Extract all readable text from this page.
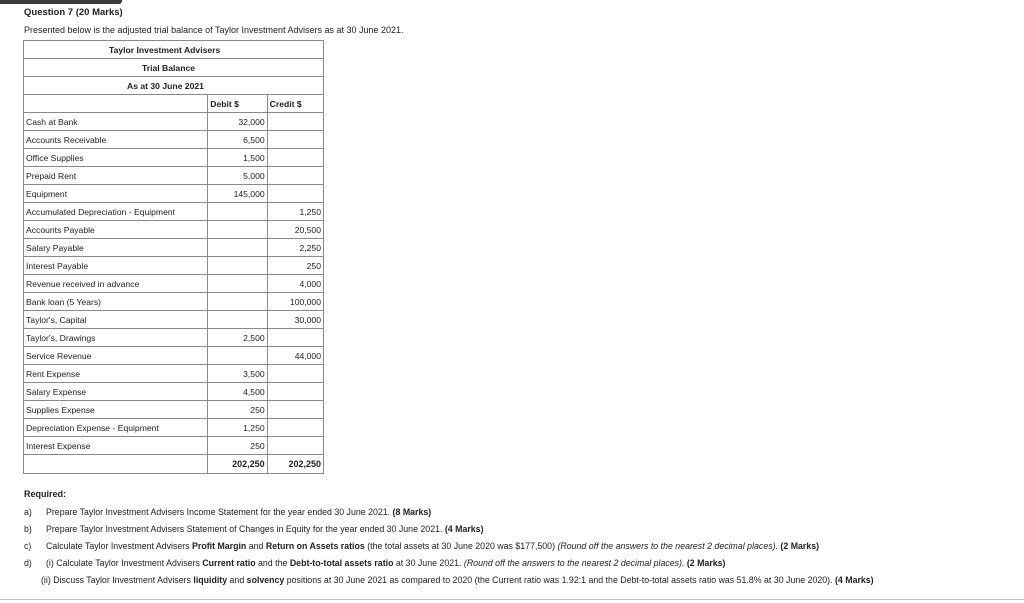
Question 7 (20 Marks)
Presented below is the adjusted trial balance of Taylor Investment Advisers as at 30 June 2021.
Taylor Investment Advisers		
Trial Balance		
As at 30 June 2021		
	Debit $	Credit $
Cash at Bank	32,000	
Accounts Receivable	6,500	
Office Supplies	1,500	
Prepaid Rent	5,000	
Equipment	145,000	
Accumulated Depreciation - Equipment		1,250
Accounts Payable		20,500
Salary Payable		2,250
Interest Payable		250
Revenue received in advance		4,000
Bank loan (5 Years)		100,000
Taylor's, Capital		30,000
Taylor's, Drawings	2,500	
Service Revenue		44,000
Rent Expense	3,500	
Salary Expense	4,500	
Supplies Expense	250	
Depreciation Expense - Equipment	1,250	
Interest Expense	250	
	202,250	202,250
Required:
a) Prepare Taylor Investment Advisers Income Statement for the year ended 30 June 2021. (8 Marks)
b) Prepare Taylor Investment Advisers Statement of Changes in Equity for the year ended 30 June 2021. (4 Marks)
c) Calculate Taylor Investment Advisers Profit Margin and Return on Assets ratios (the total assets at 30 June 2020 was $177,500) (Round off the answers to the nearest 2 decimal places). (2 Marks)
d) (i) Calculate Taylor Investment Advisers Current ratio and the Debt-to-total assets ratio at 30 June 2021. (Round off the answers to the nearest 2 decimal places). (2 Marks)
(ii) Discuss Taylor Investment Advisers liquidity and solvency positions at 30 June 2021 as compared to 2020 (the Current ratio was 1.92:1 and the Debt-to-total assets ratio was 51.8% at 30 June 2020). (4 Marks)
